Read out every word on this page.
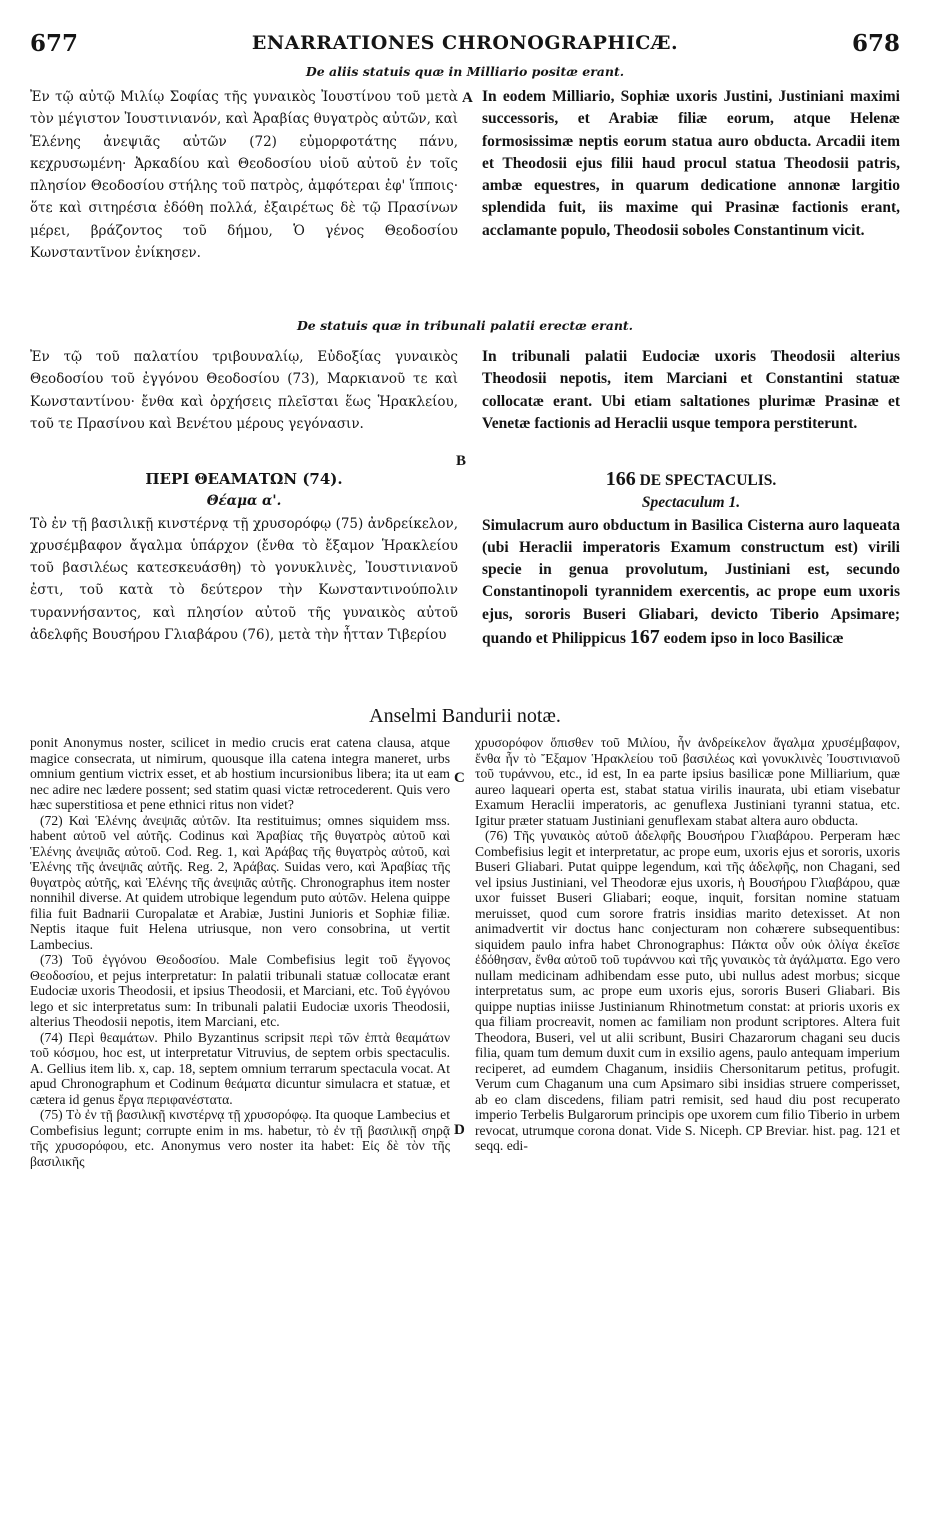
677	ENARRATIONES CHRONOGRAPHICÆ.	678
De aliis statuis quæ in Milliario positæ erant.

Ἐν τῷ αὐτῷ Μιλίῳ Σοφίας τῆς γυναικὸς Ἰουστίνου τοῦ μετὰ τὸν μέγιστον Ἰουστινιανόν, καὶ Ἀραβίας θυγατρὸς αὐτῶν, καὶ Ἑλένης ἀνεψιᾶς αὐτῶν (72) εὐμορφοτάτης πάνυ, κεχρυσωμένη· Ἀρκαδίου καὶ Θεοδοσίου υἱοῦ αὐτοῦ ἐν τοῖς πλησίον Θεοδοσίου στήλης τοῦ πατρὸς, ἀμφότεραι ἐφ' ἵπποις· ὅτε καὶ σιτηρέσια ἐδόθη πολλά, ἐξαιρέτως δὲ τῷ Πρασίνων μέρει, βράζοντος τοῦ δήμου, Ὁ γένος Θεοδοσίου Κωνσταντῖνον ἐνίκησεν.

A In eodem Milliario, Sophiæ uxoris Justini, Justiniani maximi successoris, et Arabiæ filiæ eorum, atque Helenæ formosissimæ neptis eorum statua auro obducta. Arcadii item et Theodosii ejus filii haud procul statua Theodosii patris, ambæ equestres, in quarum dedicatione annonæ largitio splendida fuit, iis maxime qui Prasinæ factionis erant, acclamante populo, Theodosii soboles Constantinum vicit.

De statuis quæ in tribunali palatii erectæ erant.

Ἐν τῷ τοῦ παλατίου τριβουναλίῳ, Εὐδοξίας γυναικὸς Θεοδοσίου τοῦ ἐγγόνου Θεοδοσίου (73), Μαρκιανοῦ τε καὶ Κωνσταντίνου· ἔνθα καὶ ὀρχήσεις πλεῖσται ἕως Ἡρακλείου, τοῦ τε Πρασίνου καὶ Βενέτου μέρους γεγόνασιν.

B

In tribunali palatii Eudociæ uxoris Theodosii alterius Theodosii nepotis, item Marciani et Constantini statuæ collocatæ erant. Ubi etiam saltationes plurimæ Prasinæ et Venetæ factionis ad Heraclii usque tempora perstiterunt.

ΠΕΡΙ ΘΕΑΜΑΤΩΝ (74).
Θέαμα α'.

Τὸ ἐν τῇ βασιλικῇ κινστέρνᾳ τῇ χρυσορόφῳ (75) ἀνδρείκελον, χρυσέμβαφον ἄγαλμα ὑπάρχον (ἔνθα τὸ ἔξαμον Ἡρακλείου τοῦ βασιλέως κατεσκευάσθη) τὸ γονυκλινὲς, Ἰουστινιανοῦ ἐστι, τοῦ κατὰ τὸ δεύτερον τὴν Κωνσταντινούπολιν τυραννήσαντος, καὶ πλησίον αὐτοῦ τῆς γυναικὸς αὐτοῦ ἀδελφῆς Βουσήρου Γλιαβάρου (76), μετὰ τὴν ἧτταν Τιβερίου

166 DE SPECTACULIS.
Spectaculum 1.

Simulacrum auro obductum in Basilica Cisterna auro laqueata (ubi Heraclii imperatoris Examum constructum est) virili specie in genua provolutum, Justiniani est, secundo Constantinopoli tyrannidem exercentis, ac prope eum uxoris ejus, sororis Buseri Gliabari, devicto Tiberio Apsimare; quando et Philippicus 167 eodem ipso in loco Basilicæ

Anselmi Bandurii notæ.

ponit Anonymus noster, scilicet in medio crucis erat catena clausa, atque magice consecrata, ut nimirum, quousque illa catena integra maneret, urbs omnium gentium victrix esset, et ab hostium incursionibus libera; ita ut eam nec adire nec lædere possent; sed statim quasi victæ retrocederent. Quis vero hæc superstitiosa et pene ethnici ritus non videt?

(72) Καὶ Ἑλένης ἀνεψιᾶς αὐτῶν. Ita restituimus; omnes siquidem mss. habent αὐτοῦ vel αὐτῆς. Codinus καὶ Ἀραβίας τῆς θυγατρὸς αὐτοῦ καὶ Ἑλένης ἀνεψιᾶς αὐτοῦ. Cod. Reg. 1, καὶ Ἀράβας τῆς θυγατρὸς αὐτοῦ, καὶ Ἑλένης τῆς ἀνεψιᾶς αὐτῆς. Reg. 2, Ἀράβας. Suidas vero, καὶ Ἀραβίας τῆς θυγατρὸς αὐτῆς, καὶ Ἑλένης τῆς ἀνεψιᾶς αὐτῆς. Chronographus item noster nonnihil diverse. At quidem utrobique legendum puto αὐτῶν. Helena quippe filia fuit Badnarii Curopalatæ et Arabiæ, Justini Junioris et Sophiæ filiæ. Neptis itaque fuit Helena utriusque, non vero consobrina, ut vertit Lambecius.

(73) Τοῦ ἐγγόνου Θεοδοσίου. Male Combefisius legit τοῦ ἔγγονος Θεοδοσίου, et pejus interpretatur: In palatii tribunali statuæ collocatæ erant Eudociæ uxoris Theodosii, et ipsius Theodosii, et Marciani, etc. Τοῦ ἐγγόνου lego et sic interpretatus sum: In tribunali palatii Eudociæ uxoris Theodosii, alterius Theodosii nepotis, item Marciani, etc.

(74) Περὶ θεαμάτων. Philo Byzantinus scripsit περὶ τῶν ἑπτὰ θεαμάτων τοῦ κόσμου, hoc est, ut interpretatur Vitruvius, de septem orbis spectaculis. A. Gellius item lib. x, cap. 18, septem omnium terrarum spectacula vocat. At apud Chronographum et Codinum θεάματα dicuntur simulacra et statuæ, et cætera id genus ἔργα περιφανέστατα.

(75) Τὸ ἐν τῇ βασιλικῇ κινστέρνᾳ τῇ χρυσορόφῳ. Ita quoque Lambecius et Combefisius legunt; corrupte enim in ms. habetur, τὸ ἐν τῇ βασιλικῇ σηρᾷ τῆς χρυσορόφου, etc. Anonymus vero noster ita habet: Εἰς δὲ τὸν τῆς βασιλικῆς

C
D

χρυσορόφον ὄπισθεν τοῦ Μιλίου, ἦν ἀνδρείκελον ἄγαλμα χρυσέμβαφον, ἔνθα ἦν τὸ Ἔξαμον Ἡρακλείου τοῦ βασιλέως καὶ γονυκλινὲς Ἰουστινιανοῦ τοῦ τυράννου, etc., id est, In ea parte ipsius basilicæ pone Milliarium, quæ aureo laqueari operta est, stabat statua virilis inaurata, ubi etiam visebatur Examum Heraclii imperatoris, ac genuflexa Justiniani tyranni statua, etc. Igitur præter statuam Justiniani genuflexam stabat altera auro obducta.

(76) Τῆς γυναικὸς αὐτοῦ ἀδελφῆς Βουσήρου Γλιαβάρου. Perperam hæc Combefisius legit et interpretatur, ac prope eum, uxoris ejus et sororis, uxoris Buseri Gliabari. Putat quippe legendum, καὶ τῆς ἀδελφῆς, non Chagani, sed vel ipsius Justiniani, vel Theodoræ ejus uxoris, ἡ Βουσήρου Γλιαβάρου, quæ uxor fuisset Buseri Gliabari; eoque, inquit, forsitan nomine statuam meruisset, quod cum sorore fratris insidias marito detexisset. At non animadvertit vir doctus hanc conjecturam non cohærere subsequentibus: siquidem paulo infra habet Chronographus: Πάκτα οὖν οὐκ ὀλίγα ἐκεῖσε ἐδόθησαν, ἔνθα αὐτοῦ τοῦ τυράννου καὶ τῆς γυναικὸς τὰ ἀγάλματα. Ego vero nullam medicinam adhibendam esse puto, ubi nullus adest morbus; sicque interpretatus sum, ac prope eum uxoris ejus, sororis Buseri Gliabari. Bis quippe nuptias iniisse Justinianum Rhinotmetum constat: at prioris uxoris ex qua filiam procreavit, nomen ac familiam non produnt scriptores. Altera fuit Theodora, Buseri, vel ut alii scribunt, Busiri Chazarorum chagani seu ducis filia, quam tum demum duxit cum in exsilio agens, paulo antequam imperium reciperet, ad eumdem Chaganum, insidiis Chersonitarum petitus, profugit. Verum cum Chaganum una cum Apsimaro sibi insidias struere comperisset, ab eo clam discedens, filiam patri remisit, sed haud diu post recuperato imperio Terbelis Bulgarorum principis ope uxorem cum filio Tiberio in urbem revocat, utrumque corona donat. Vide S. Niceph. CP Breviar. hist. pag. 121 et seqq. edi-
